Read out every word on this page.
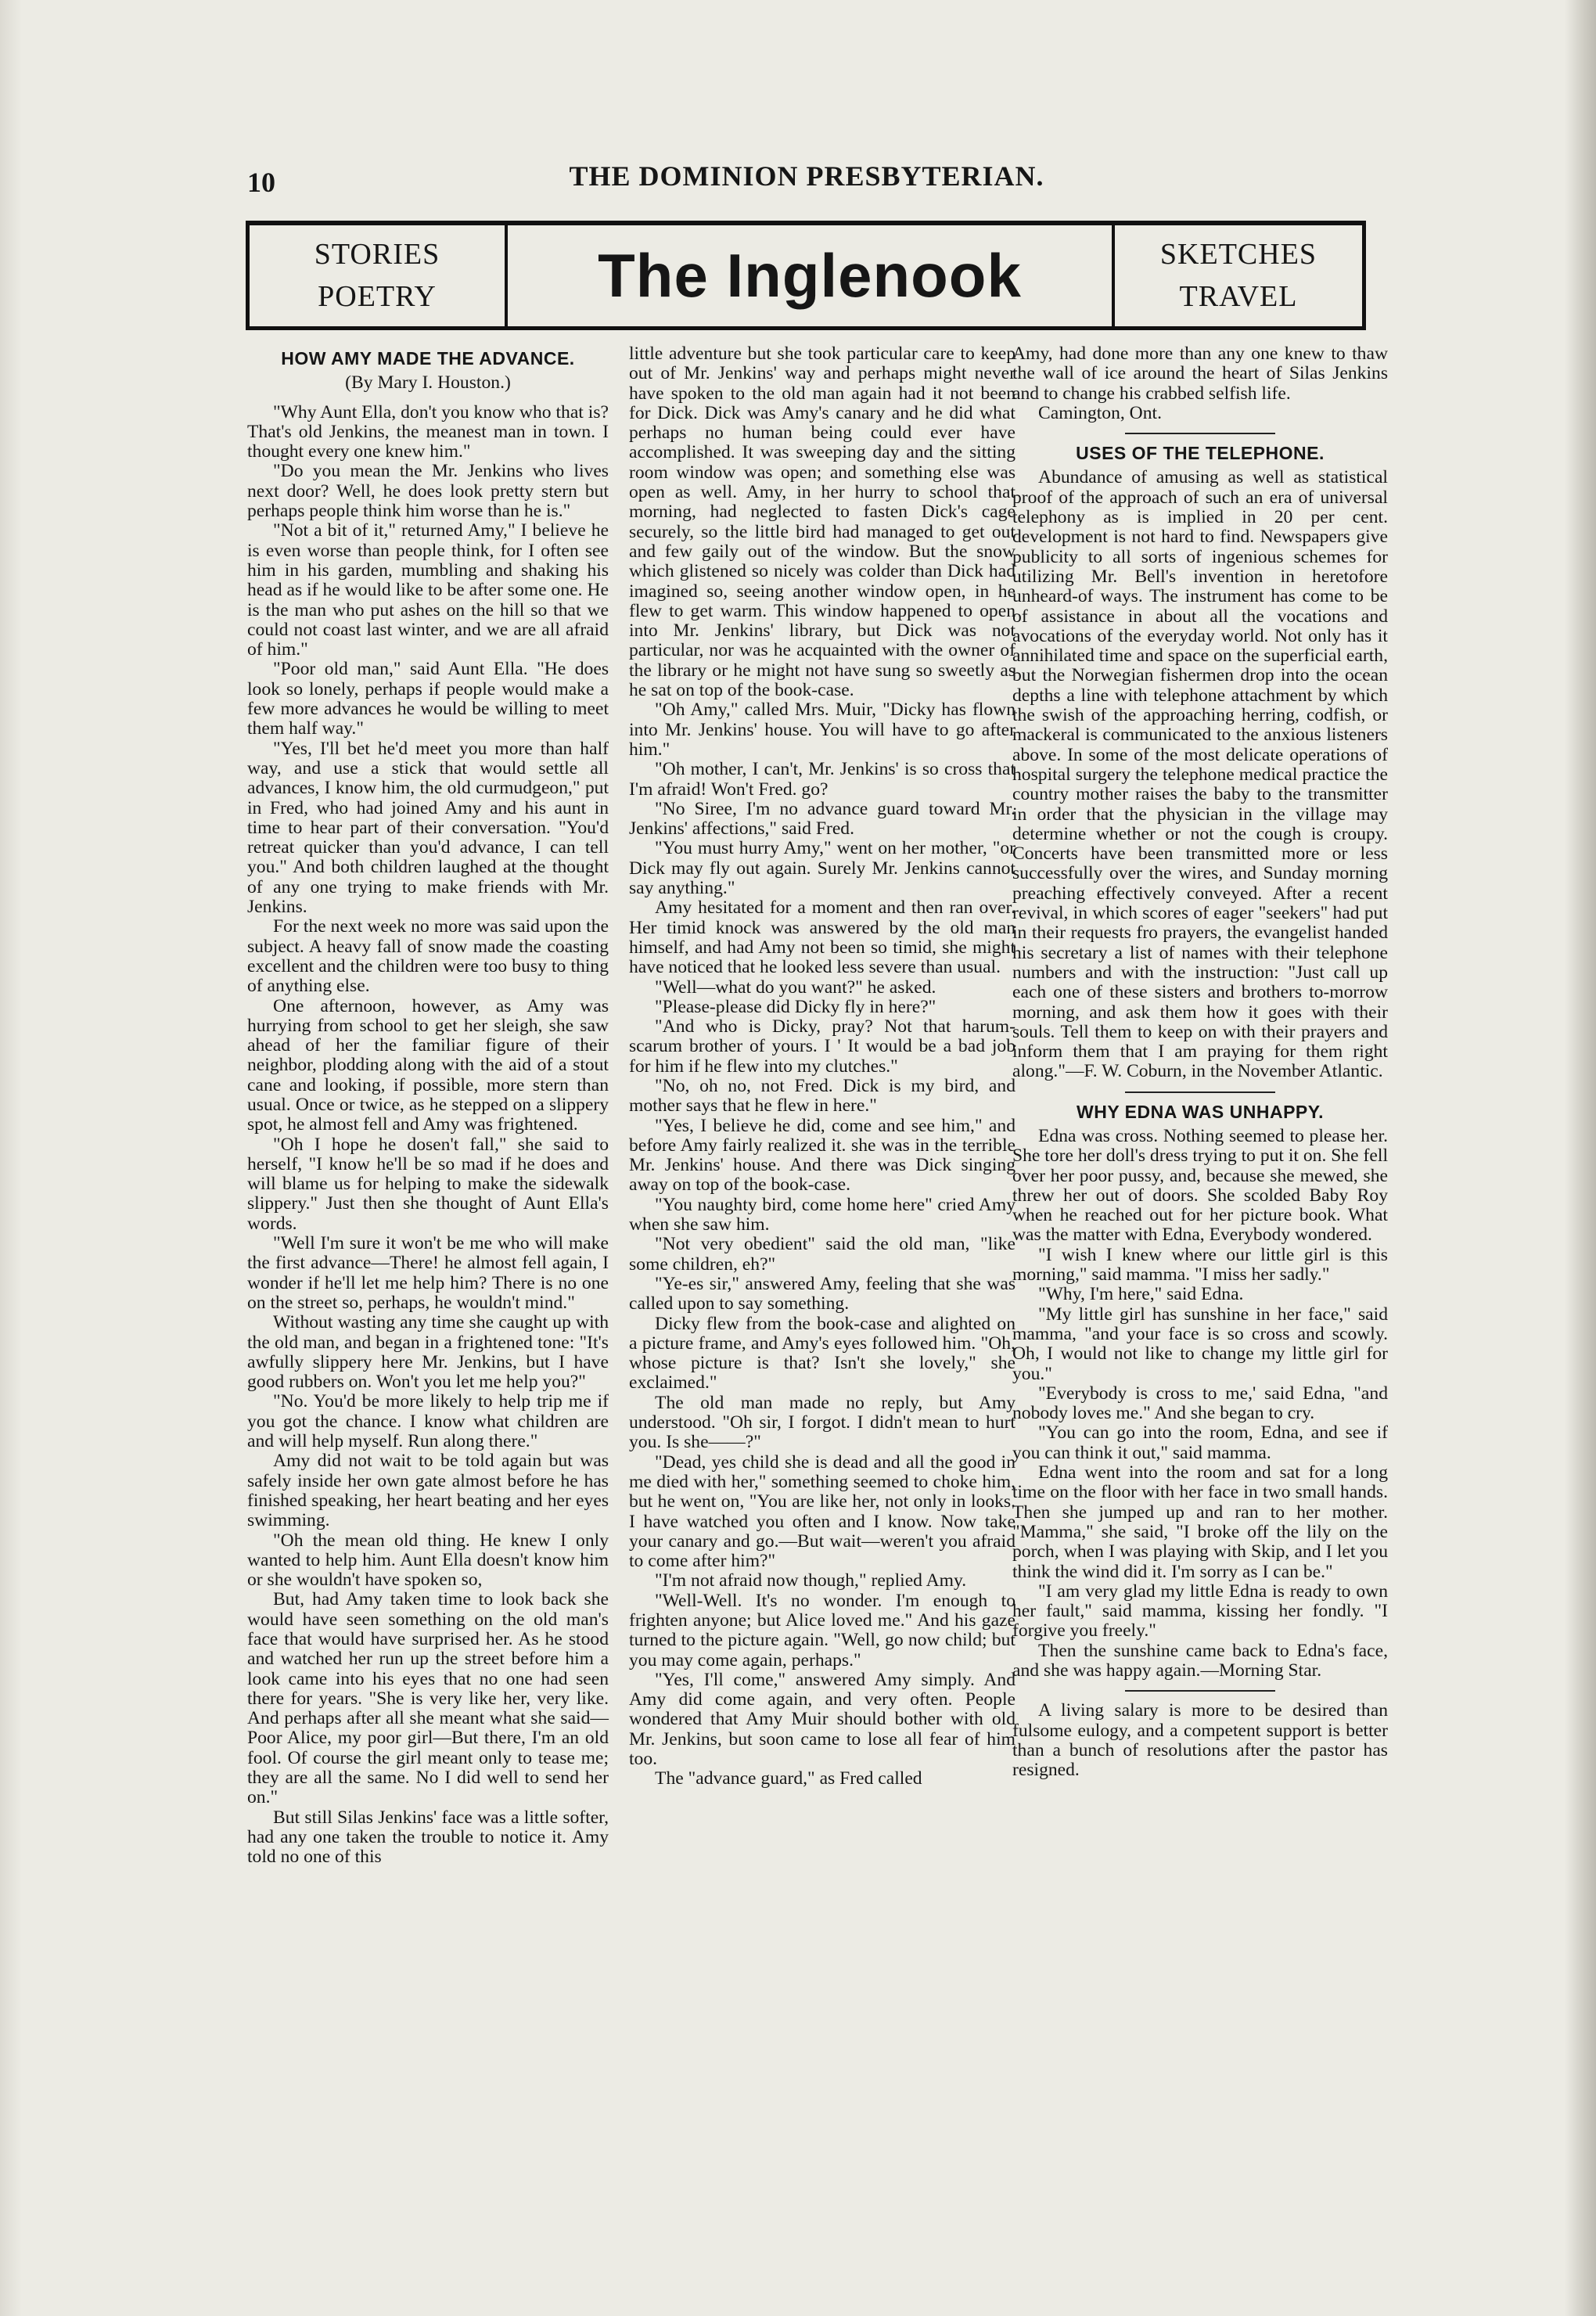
10	THE DOMINION PRESBYTERIAN.
STORIES
POETRY	The Inglenook	SKETCHES
TRAVEL
HOW AMY MADE THE ADVANCE.
(By Mary I. Houston.)

"Why Aunt Ella, don't you know who that is? That's old Jenkins, the meanest man in town. I thought every one knew him."

"Do you mean the Mr. Jenkins who lives next door? Well, he does look pretty stern but perhaps people think him worse than he is."

"Not a bit of it," returned Amy," I believe he is even worse than people think, for I often see him in his garden, mumbling and shaking his head as if he would like to be after some one. He is the man who put ashes on the hill so that we could not coast last winter, and we are all afraid of him."

"Poor old man," said Aunt Ella. "He does look so lonely, perhaps if people would make a few more advances he would be willing to meet them half way."

"Yes, I'll bet he'd meet you more than half way, and use a stick that would settle all advances, I know him, the old curmudgeon," put in Fred, who had joined Amy and his aunt in time to hear part of their conversation. "You'd retreat quicker than you'd advance, I can tell you." And both children laughed at the thought of any one trying to make friends with Mr. Jenkins.

For the next week no more was said upon the subject. A heavy fall of snow made the coasting excellent and the children were too busy to thing of anything else.

One afternoon, however, as Amy was hurrying from school to get her sleigh, she saw ahead of her the familiar figure of their neighbor, plodding along with the aid of a stout cane and looking, if possible, more stern than usual. Once or twice, as he stepped on a slippery spot, he almost fell and Amy was frightened.

"Oh I hope he dosen't fall," she said to herself, "I know he'll be so mad if he does and will blame us for helping to make the sidewalk slippery." Just then she thought of Aunt Ella's words.

"Well I'm sure it won't be me who will make the first advance—There! he almost fell again, I wonder if he'll let me help him? There is no one on the street so, perhaps, he wouldn't mind."

Without wasting any time she caught up with the old man, and began in a frightened tone: "It's awfully slippery here Mr. Jenkins, but I have good rubbers on. Won't you let me help you?"

"No. You'd be more likely to help trip me if you got the chance. I know what children are and will help myself. Run along there."

Amy did not wait to be told again but was safely inside her own gate almost before he has finished speaking, her heart beating and her eyes swimming.

"Oh the mean old thing. He knew I only wanted to help him. Aunt Ella doesn't know him or she wouldn't have spoken so,

But, had Amy taken time to look back she would have seen something on the old man's face that would have surprised her. As he stood and watched her run up the street before him a look came into his eyes that no one had seen there for years. "She is very like her, very like. And perhaps after all she meant what she said—Poor Alice, my poor girl—But there, I'm an old fool. Of course the girl meant only to tease me; they are all the same. No I did well to send her on."

But still Silas Jenkins' face was a little softer, had any one taken the trouble to notice it. Amy told no one of this

little adventure but she took particular care to keep out of Mr. Jenkins' way and perhaps might never have spoken to the old man again had it not been for Dick. Dick was Amy's canary and he did what perhaps no human being could ever have accomplished. It was sweeping day and the sitting room window was open; and something else was open as well. Amy, in her hurry to school that morning, had neglected to fasten Dick's cage securely, so the little bird had managed to get out and few gaily out of the window. But the snow which glistened so nicely was colder than Dick had imagined so, seeing another window open, in he flew to get warm. This window happened to open into Mr. Jenkins' library, but Dick was not particular, nor was he acquainted with the owner of the library or he might not have sung so sweetly as he sat on top of the book-case.

"Oh Amy," called Mrs. Muir, "Dicky has flown into Mr. Jenkins' house. You will have to go after him."

"Oh mother, I can't, Mr. Jenkins' is so cross that I'm afraid! Won't Fred. go?

"No Siree, I'm no advance guard toward Mr. Jenkins' affections," said Fred.

"You must hurry Amy," went on her mother, "or Dick may fly out again. Surely Mr. Jenkins cannot say anything."

Amy hesitated for a moment and then ran over. Her timid knock was answered by the old man himself, and had Amy not been so timid, she might have noticed that he looked less severe than usual.

"Well—what do you want?" he asked.

"Please-please did Dicky fly in here?"

"And who is Dicky, pray? Not that harum-scarum brother of yours. I ' It would be a bad job for him if he flew into my clutches."

"No, oh no, not Fred. Dick is my bird, and mother says that he flew in here."

"Yes, I believe he did, come and see him," and before Amy fairly realized it. she was in the terrible Mr. Jenkins' house. And there was Dick singing away on top of the book-case.

"You naughty bird, come home here" cried Amy when she saw him.

"Not very obedient" said the old man, "like some children, eh?"

"Ye-es sir," answered Amy, feeling that she was called upon to say something.

Dicky flew from the book-case and alighted on a picture frame, and Amy's eyes followed him. "Oh, whose picture is that? Isn't she lovely," she exclaimed."

The old man made no reply, but Amy understood. "Oh sir, I forgot. I didn't mean to hurt you. Is she——?"

"Dead, yes child she is dead and all the good in me died with her," something seemed to choke him, but he went on, "You are like her, not only in looks. I have watched you often and I know. Now take your canary and go.—But wait—weren't you afraid to come after him?"

"I'm not afraid now though," replied Amy.

"Well-Well. It's no wonder. I'm enough to frighten anyone; but Alice loved me." And his gaze turned to the picture again. "Well, go now child; but you may come again, perhaps."

"Yes, I'll come," answered Amy simply. And Amy did come again, and very often. People wondered that Amy Muir should bother with old Mr. Jenkins, but soon came to lose all fear of him too.

The "advance guard," as Fred called

Amy, had done more than any one knew to thaw the wall of ice around the heart of Silas Jenkins and to change his crabbed selfish life.

Camington, Ont.

USES OF THE TELEPHONE.

Abundance of amusing as well as statistical proof of the approach of such an era of universal telephony as is implied in 20 per cent. development is not hard to find. Newspapers give publicity to all sorts of ingenious schemes for utilizing Mr. Bell's invention in heretofore unheard-of ways. The instrument has come to be of assistance in about all the vocations and avocations of the everyday world. Not only has it annihilated time and space on the superficial earth, but the Norwegian fishermen drop into the ocean depths a line with telephone attachment by which the swish of the approaching herring, codfish, or mackeral is communicated to the anxious listeners above. In some of the most delicate operations of hospital surgery the telephone medical practice the country mother raises the baby to the transmitter in order that the physician in the village may determine whether or not the cough is croupy. Concerts have been transmitted more or less successfully over the wires, and Sunday morning preaching effectively conveyed. After a recent revival, in which scores of eager "seekers" had put in their requests fro prayers, the evangelist handed his secretary a list of names with their telephone numbers and with the instruction: "Just call up each one of these sisters and brothers to-morrow morning, and ask them how it goes with their souls. Tell them to keep on with their prayers and inform them that I am praying for them right along."—F. W. Coburn, in the November Atlantic.

WHY EDNA WAS UNHAPPY.

Edna was cross. Nothing seemed to please her. She tore her doll's dress trying to put it on. She fell over her poor pussy, and, because she mewed, she threw her out of doors. She scolded Baby Roy when he reached out for her picture book. What was the matter with Edna, Everybody wondered.

"I wish I knew where our little girl is this morning," said mamma. "I miss her sadly."

"Why, I'm here," said Edna.

"My little girl has sunshine in her face," said mamma, "and your face is so cross and scowly. Oh, I would not like to change my little girl for you."

"Everybody is cross to me,' said Edna, "and nobody loves me." And she began to cry.

"You can go into the room, Edna, and see if you can think it out," said mamma.

Edna went into the room and sat for a long time on the floor with her face in two small hands. Then she jumped up and ran to her mother. "Mamma," she said, "I broke off the lily on the porch, when I was playing with Skip, and I let you think the wind did it. I'm sorry as I can be."

"I am very glad my little Edna is ready to own her fault," said mamma, kissing her fondly. "I forgive you freely."

Then the sunshine came back to Edna's face, and she was happy again.—Morning Star.

A living salary is more to be desired than fulsome eulogy, and a competent support is better than a bunch of resolutions after the pastor has resigned.
